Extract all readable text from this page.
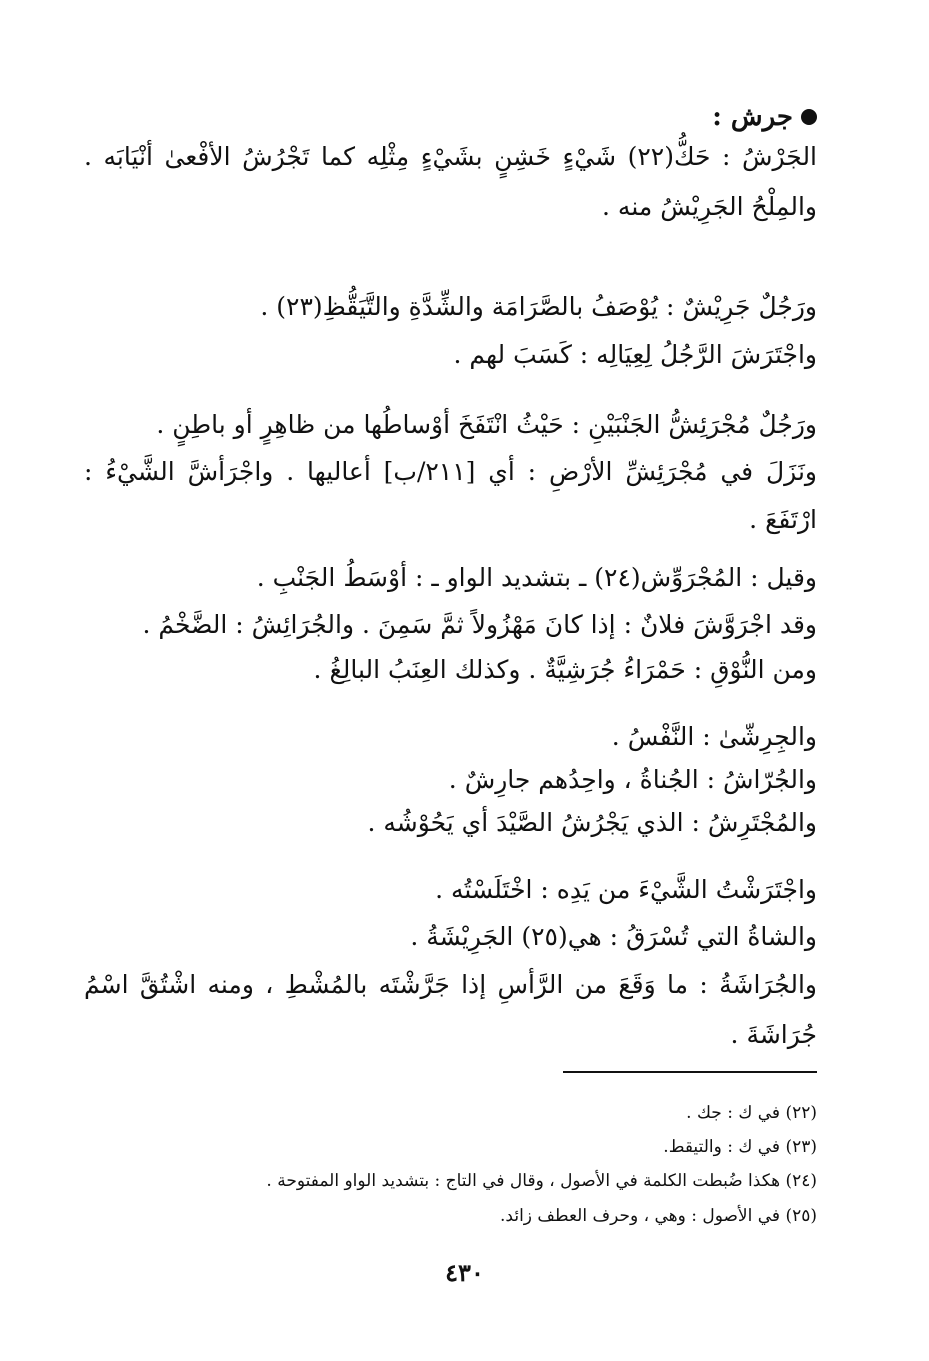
جرش :
الجَرْشُ : حَكُّ(٢٢) شَيْءٍ خَشِنٍ بشَيْءٍ مِثْلِه كما تَجْرُشُ الأفْعىٰ أنْيَابَه .
والمِلْحُ الجَرِيْشُ منه .
ورَجُلٌ جَرِيْشٌ : يُوْصَفُ بالصَّرَامَة والشِّدَّةِ والتَّيَقُّظِ(٢٣) .
واجْتَرَشَ الرَّجُلُ لِعِيَالِه : كَسَبَ لهم .
ورَجُلٌ مُجْرَئِشُّ الجَنْبَيْنِ : حَيْثُ انْتَفَخَ أوْساطُها من ظاهِرٍ أو باطِنٍ .
ونَزَلَ في مُجْرَئِشِّ الأرْضِ : أي [٢١١/ب] أعاليها . واجْرَأشَّ الشَّيْءُ :
ارْتَفَعَ .
وقيل : المُجْرَوِّش(٢٤) ـ بتشديد الواو ـ : أوْسَطُ الجَنْبِ .
وقد اجْرَوَّشَ فلانٌ : إذا كانَ مَهْزُولاً ثمَّ سَمِنَ . والجُرَائِشُ : الضَّخْمُ .
ومن النُّوْقِ : حَمْرَاءُ جُرَشِيَّةٌ . وكذلك العِنَبُ البالِغُ .
والجِرِشّىٰ : النَّفْسُ .
والجُرّاشُ : الجُناةُ ، واحِدُهم جارِشٌ .
والمُجْتَرِشُ : الذي يَجْرُشُ الصَّيْدَ أي يَحُوْشُه .
واجْتَرَشْتُ الشَّيْءَ من يَدِه : اخْتَلَسْتُه .
والشاةُ التي تُسْرَقُ : هي(٢٥) الجَرِيْشَةُ .
والجُرَاشَةُ : ما وَقَعَ من الرَّأسِ إذا جَرَّشْتَه بالمُشْطِ ، ومنه اشْتُقَّ اسْمُ
جُرَاشَةَ .
(٢٢) في ك : جك .
(٢٣) في ك : والتيقط.
(٢٤) هكذا ضُبطت الكلمة في الأصول ، وقال في التاج : بتشديد الواو المفتوحة .
(٢٥) في الأصول : وهي ، وحرف العطف زائد.
٤٣٠
